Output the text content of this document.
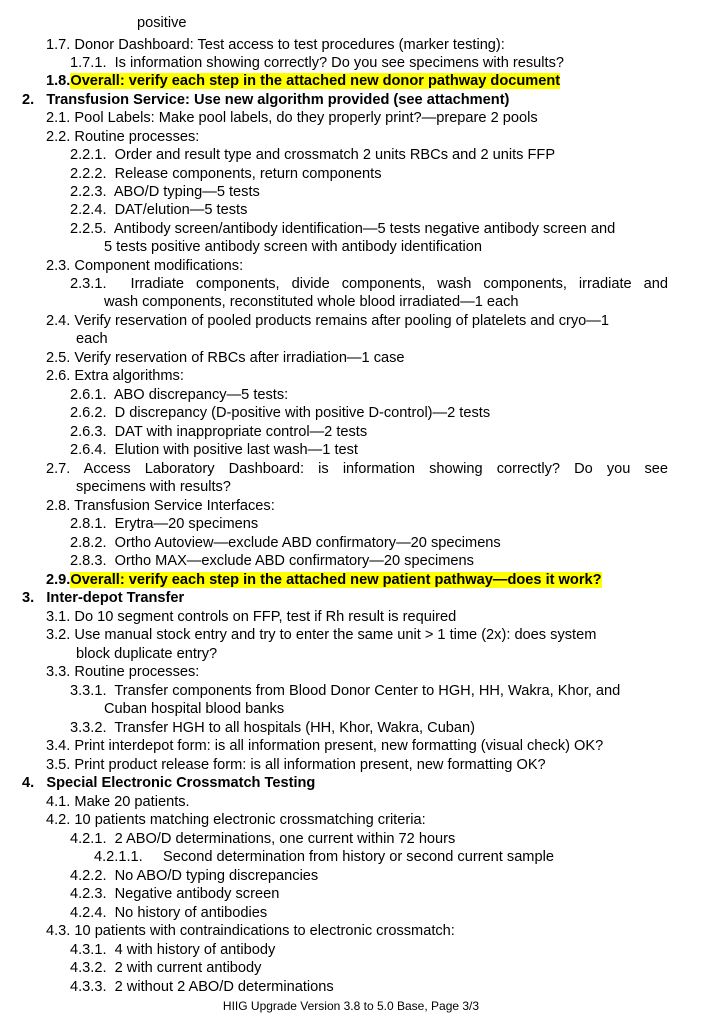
positive
1.7. Donor Dashboard: Test access to test procedures (marker testing):
1.7.1. Is information showing correctly? Do you see specimens with results?
1.8.Overall: verify each step in the attached new donor pathway document
2. Transfusion Service: Use new algorithm provided (see attachment)
2.1. Pool Labels: Make pool labels, do they properly print?—prepare 2 pools
2.2. Routine processes:
2.2.1. Order and result type and crossmatch 2 units RBCs and 2 units FFP
2.2.2. Release components, return components
2.2.3. ABO/D typing—5 tests
2.2.4. DAT/elution—5 tests
2.2.5. Antibody screen/antibody identification—5 tests negative antibody screen and
5 tests positive antibody screen with antibody identification
2.3. Component modifications:
2.3.1. Irradiate components, divide components, wash components, irradiate and
wash components, reconstituted whole blood irradiated—1 each
2.4. Verify reservation of pooled products remains after pooling of platelets and cryo—1
each
2.5. Verify reservation of RBCs after irradiation—1 case
2.6. Extra algorithms:
2.6.1. ABO discrepancy—5 tests:
2.6.2. D discrepancy (D-positive with positive D-control)—2 tests
2.6.3. DAT with inappropriate control—2 tests
2.6.4. Elution with positive last wash—1 test
2.7. Access Laboratory Dashboard: is information showing correctly? Do you see
specimens with results?
2.8. Transfusion Service Interfaces:
2.8.1. Erytra—20 specimens
2.8.2. Ortho Autoview—exclude ABD confirmatory—20 specimens
2.8.3. Ortho MAX—exclude ABD confirmatory—20 specimens
2.9.Overall: verify each step in the attached new patient pathway—does it work?
3. Inter-depot Transfer
3.1. Do 10 segment controls on FFP, test if Rh result is required
3.2. Use manual stock entry and try to enter the same unit > 1 time (2x): does system
block duplicate entry?
3.3. Routine processes:
3.3.1. Transfer components from Blood Donor Center to HGH, HH, Wakra, Khor, and
Cuban hospital blood banks
3.3.2. Transfer HGH to all hospitals (HH, Khor, Wakra, Cuban)
3.4. Print interdepot form: is all information present, new formatting (visual check) OK?
3.5. Print product release form: is all information present, new formatting OK?
4. Special Electronic Crossmatch Testing
4.1. Make 20 patients.
4.2. 10 patients matching electronic crossmatching criteria:
4.2.1. 2 ABO/D determinations, one current within 72 hours
4.2.1.1. Second determination from history or second current sample
4.2.2. No ABO/D typing discrepancies
4.2.3. Negative antibody screen
4.2.4. No history of antibodies
4.3. 10 patients with contraindications to electronic crossmatch:
4.3.1. 4 with history of antibody
4.3.2. 2 with current antibody
4.3.3. 2 without 2 ABO/D determinations
HIIG Upgrade Version 3.8 to 5.0 Base, Page 3/3
